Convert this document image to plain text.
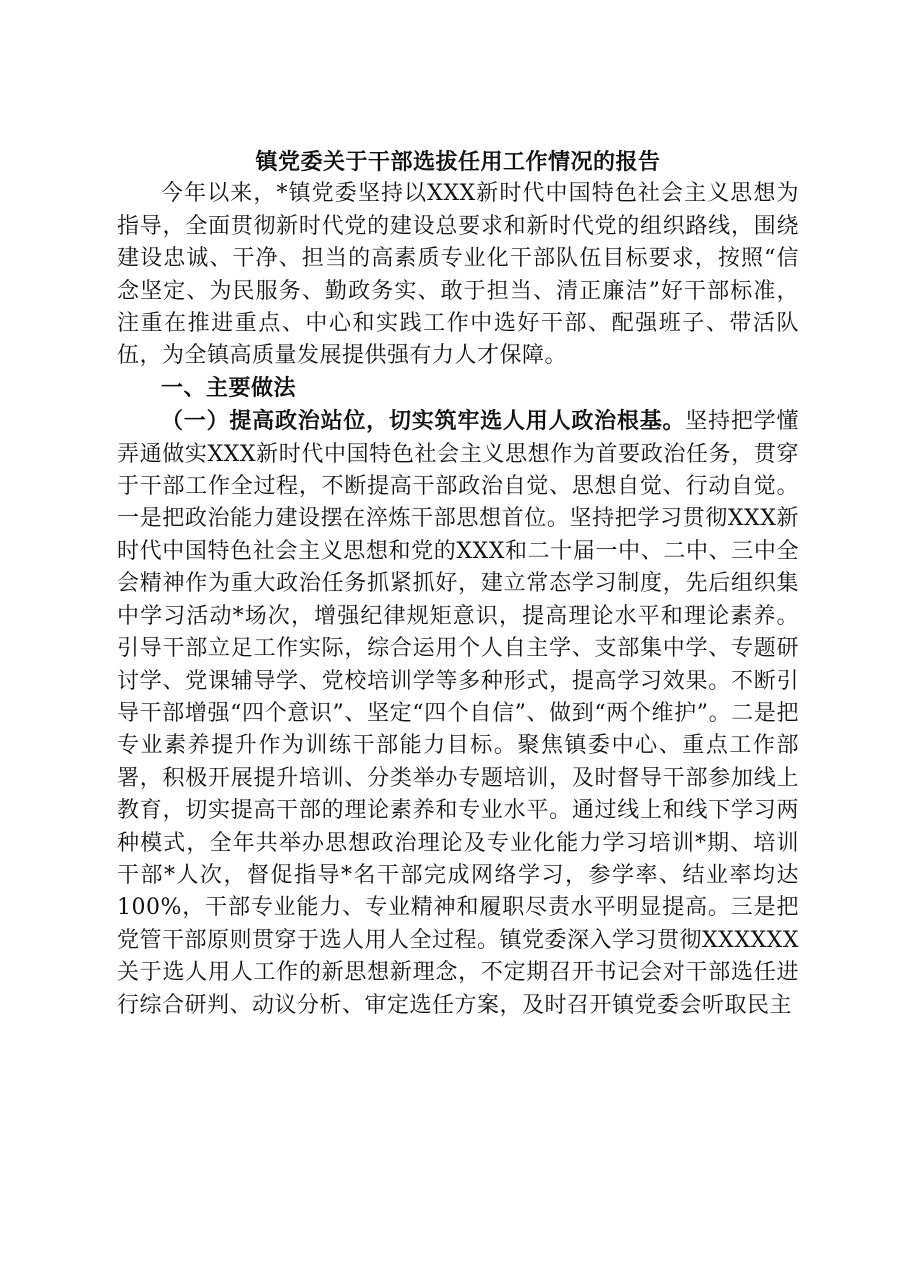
镇党委关于干部选拔任用工作情况的报告

今年以来，*镇党委坚持以XXX新时代中国特色社会主义思想为指导，全面贯彻新时代党的建设总要求和新时代党的组织路线，围绕建设忠诚、干净、担当的高素质专业化干部队伍目标要求，按照“信念坚定、为民服务、勤政务实、敢于担当、清正廉洁”好干部标准，注重在推进重点、中心和实践工作中选好干部、配强班子、带活队伍，为全镇高质量发展提供强有力人才保障。

一、主要做法

（一）提高政治站位，切实筑牢选人用人政治根基。坚持把学懂弄通做实XXX新时代中国特色社会主义思想作为首要政治任务，贯穿于干部工作全过程，不断提高干部政治自觉、思想自觉、行动自觉。一是把政治能力建设摆在淬炼干部思想首位。坚持把学习贯彻XXX新时代中国特色社会主义思想和党的XXX和二十届一中、二中、三中全会精神作为重大政治任务抓紧抓好，建立常态学习制度，先后组织集中学习活动*场次，增强纪律规矩意识，提高理论水平和理论素养。引导干部立足工作实际，综合运用个人自主学、支部集中学、专题研讨学、党课辅导学、党校培训学等多种形式，提高学习效果。不断引导干部增强“四个意识”、坚定“四个自信”、做到“两个维护”。二是把专业素养提升作为训练干部能力目标。聚焦镇委中心、重点工作部署，积极开展提升培训、分类举办专题培训，及时督导干部参加线上教育，切实提高干部的理论素养和专业水平。通过线上和线下学习两种模式，全年共举办思想政治理论及专业化能力学习培训*期、培训干部*人次，督促指导*名干部完成网络学习，参学率、结业率均达100%，干部专业能力、专业精神和履职尽责水平明显提高。三是把党管干部原则贯穿于选人用人全过程。镇党委深入学习贯彻XXXXXX关于选人用人工作的新思想新理念，不定期召开书记会对干部选任进行综合研判、动议分析、审定选任方案，及时召开镇党委会听取民主
